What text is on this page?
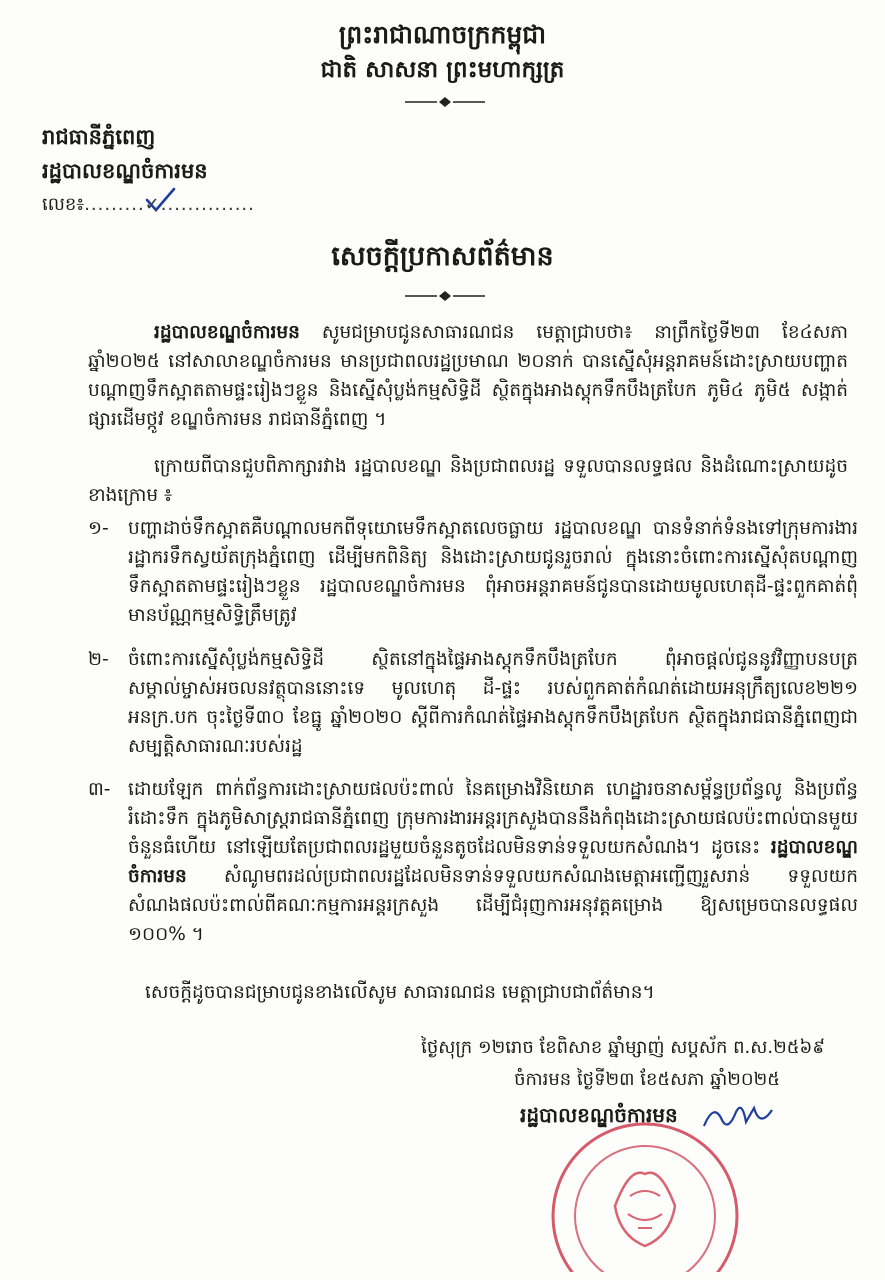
ព្រះរាជាណាចក្រកម្ពុជា
ជាតិ សាសនា ព្រះមហាក្សត្រ
រាជធានីភ្នំពេញ
រដ្ឋបាលខណ្ឌចំការមន
លេខ៖.........✓..............
សេចក្តីប្រកាសព័ត៌មាន

រដ្ឋបាលខណ្ឌចំការមន សូមជម្រាបជូនសាធារណជន មេត្តាជ្រាបថា៖ នាព្រឹកថ្ងៃទី២៣ ខែ៤សភា ឆ្នាំ២០២៥ នៅសាលាខណ្ឌចំការមន មានប្រជាពលរដ្ឋប្រមាណ ២០នាក់ បានស្នើសុំអន្តរាគមន៍ដោះស្រាយបញ្ហាតបណ្តាញទឹកស្អាតតាមផ្ទះរៀងៗខ្លួន និងស្នើសុំប្លង់កម្មសិទ្ធិដី ស្ថិតក្នុងអាងស្តុកទឹកបឹងត្របែក ភូមិ៤ ភូមិ៥ សង្កាត់ផ្សារដើមថ្កូវ ខណ្ឌចំការមន រាជធានីភ្នំពេញ ។

ក្រោយពីបានជួបពិភាក្សារវាង រដ្ឋបាលខណ្ឌ និងប្រជាពលរដ្ឋ ទទួលបានលទ្ធផល និងដំណោះស្រាយដូចខាងក្រោម ៖

១-	បញ្ហាដាច់ទឹកស្អាតគឺបណ្តាលមកពីទុយោមេទឹកស្អាតលេចធ្លាយ រដ្ឋបាលខណ្ឌ បានទំនាក់ទំនងទៅក្រុមការងាររដ្ឋាករទឹកស្វយ័តក្រុងភ្នំពេញ ដើម្បីមកពិនិត្យ និងដោះស្រាយជូនរួចរាល់ ក្នុងនោះចំពោះការស្នើសុំតបណ្តាញទឹកស្អាតតាមផ្ទះរៀងៗខ្លួន រដ្ឋបាលខណ្ឌចំការមន ពុំអាចអន្តរាគមន៍ជូនបានដោយមូលហេតុដី-ផ្ទះពួកគាត់ពុំមានប័ណ្ណកម្មសិទ្ធិត្រឹមត្រូវ
២-	ចំពោះការស្នើសុំប្លង់កម្មសិទ្ធិដី ស្ថិតនៅក្នុងផ្ទៃអាងស្តុកទឹកបឹងត្របែក ពុំអាចផ្តល់ជូននូវវិញ្ញាបនបត្រសម្គាល់ម្ចាស់អចលនវត្ថុបាននោះទេ មូលហេតុ ដី-ផ្ទះ របស់ពួកគាត់កំណត់ដោយអនុក្រឹត្យលេខ២២១ អនក្រ.បក ចុះថ្ងៃទី៣០ ខែធ្នូ ឆ្នាំ២០២០ ស្តីពីការកំណត់ផ្ទៃអាងស្តុកទឹកបឹងត្របែក ស្ថិតក្នុងរាជធានីភ្នំពេញជាសម្បត្តិសាធារណៈរបស់រដ្ឋ
៣- ដោយឡែក ពាក់ព័ន្ធការដោះស្រាយផលប៉ះពាល់ នៃគម្រោងវិនិយោគ ហេដ្ឋារចនាសម្ព័ន្ធប្រព័ន្ធលូ និងប្រព័ន្ធរំដោះទឹក ក្នុងភូមិសាស្ត្ររាជធានីភ្នំពេញ ក្រុមការងារអន្តរក្រសួងបាននឹងកំពុងដោះស្រាយផលប៉ះពាល់បានមួយចំនួនធំហើយ នៅឡើយតែប្រជាពលរដ្ឋមួយចំនួនតូចដែលមិនទាន់ទទួលយកសំណង។ ដូចនេះ រដ្ឋបាលខណ្ឌចំការមន សំណូមពរដល់ប្រជាពលរដ្ឋដែលមិនទាន់ទទួលយកសំណងមេត្តាអញ្ជើញរួសរាន់ ទទួលយកសំណងផលប៉ះពាល់ពីគណៈកម្មការអន្តរក្រសួង ដើម្បីជំរុញការអនុវត្តគម្រោង ឱ្យសម្រេចបានលទ្ធផល ១០០% ។
សេចក្តីដូចបានជម្រាបជូនខាងលើសូម សាធារណជន មេត្តាជ្រាបជាព័ត៌មាន។
ថ្ងៃសុក្រ ១២រោច ខែពិសាខ ឆ្នាំម្សាញ់ សប្តស័ក ព.ស.២៥៦៩
ចំការមន ថ្ងៃទី២៣ ខែ៥សភា ឆ្នាំ២០២៥
រដ្ឋបាលខណ្ឌចំការមន
